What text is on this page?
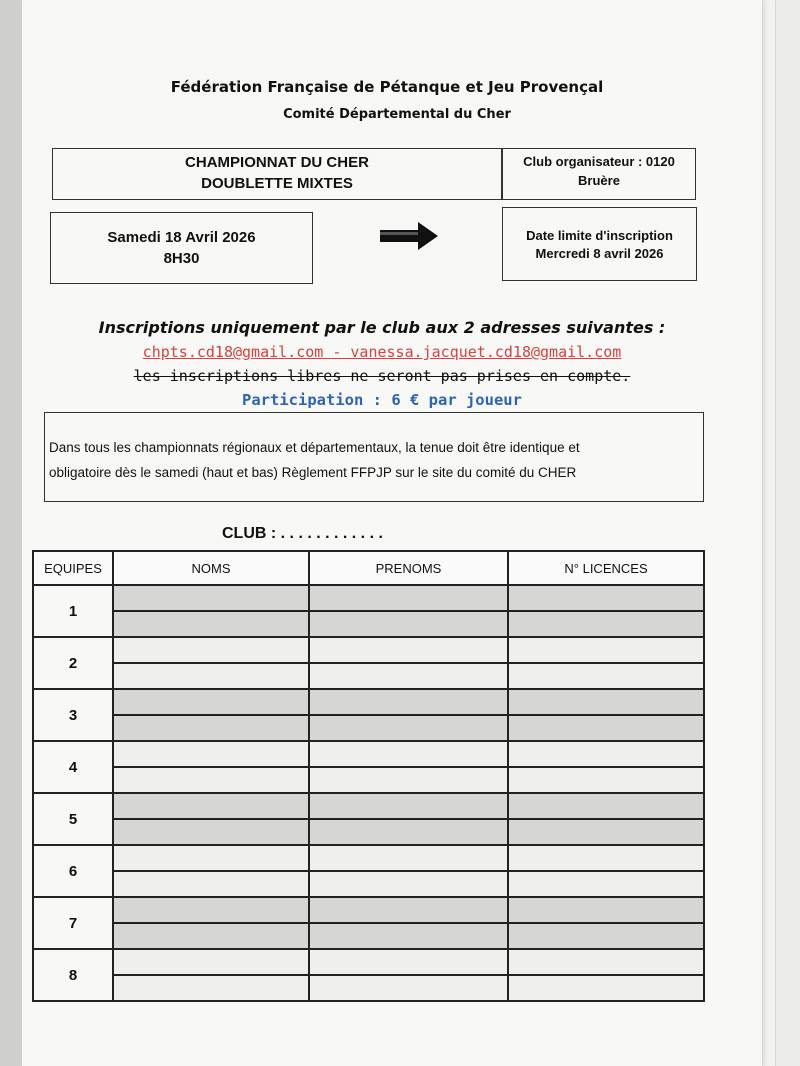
Fédération Française de Pétanque et Jeu Provençal
Comité Départemental du Cher
CHAMPIONNAT DU CHER
DOUBLETTE MIXTES
Club organisateur : 0120
Bruère
Samedi 18 Avril 2026
8H30
Date limite d'inscription
Mercredi 8 avril 2026
Inscriptions uniquement par le club aux 2 adresses suivantes :
chpts.cd18@gmail.com - vanessa.jacquet.cd18@gmail.com
les inscriptions libres ne seront pas prises en compte.
Participation : 6 € par joueur
Dans tous les championnats régionaux et départementaux, la tenue doit être identique et
obligatoire dès le samedi (haut et bas) Règlement FFPJP sur le site du comité du CHER
CLUB : . . . . . . . . . . . .
EQUIPES	NOMS	PRENOMS	N° LICENCES
1			

2			

3			

4			

5			

6			

7			

8			
